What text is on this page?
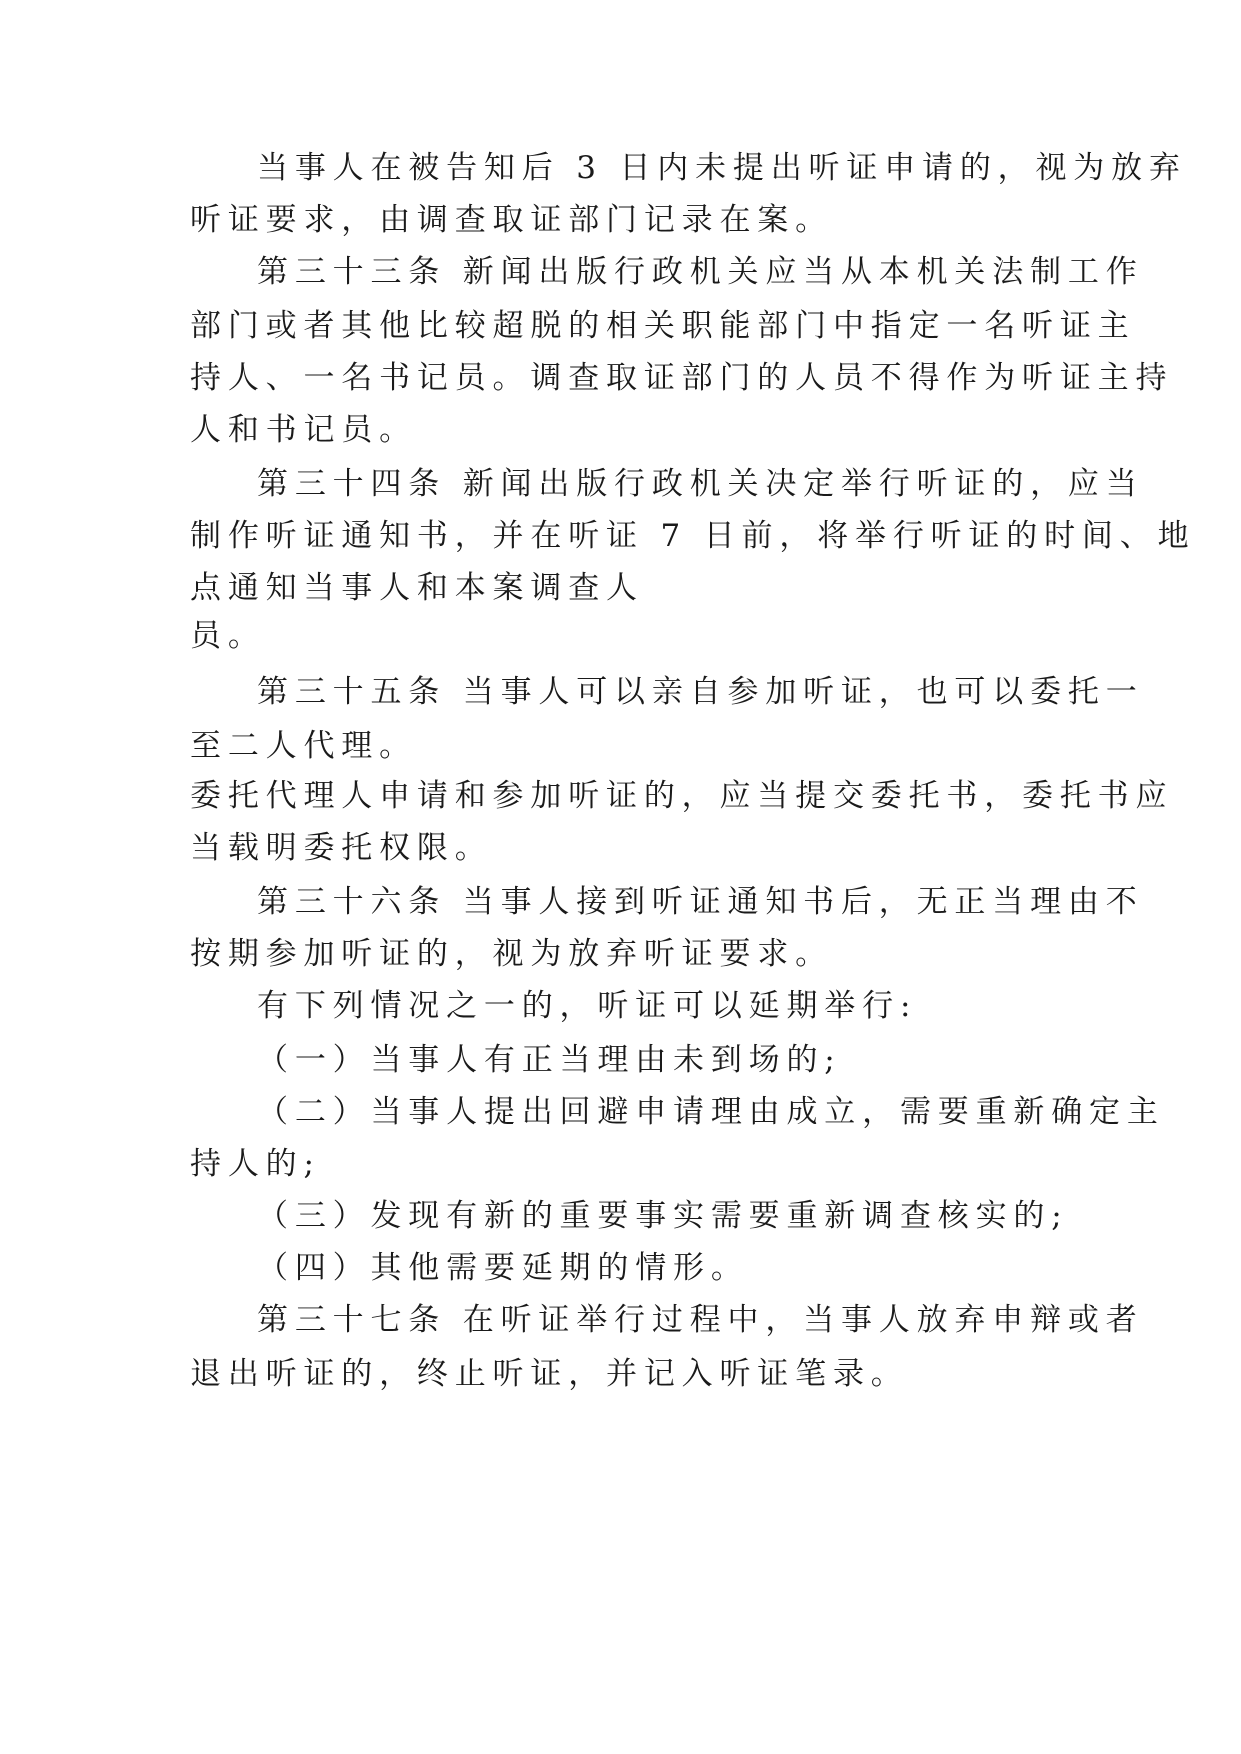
当事人在被告知后 3 日内未提出听证申请的，视为放弃
听证要求，由调查取证部门记录在案。
第三十三条 新闻出版行政机关应当从本机关法制工作
部门或者其他比较超脱的相关职能部门中指定一名听证主
持人、一名书记员。调查取证部门的人员不得作为听证主持
人和书记员。
第三十四条 新闻出版行政机关决定举行听证的，应当
制作听证通知书，并在听证 7 日前，将举行听证的时间、地
点通知当事人和本案调查人
员。
第三十五条 当事人可以亲自参加听证，也可以委托一
至二人代理。
委托代理人申请和参加听证的，应当提交委托书，委托书应
当载明委托权限。
第三十六条 当事人接到听证通知书后，无正当理由不
按期参加听证的，视为放弃听证要求。
有下列情况之一的，听证可以延期举行:
（一）当事人有正当理由未到场的;
（二）当事人提出回避申请理由成立，需要重新确定主
持人的;
（三）发现有新的重要事实需要重新调查核实的;
（四）其他需要延期的情形。
第三十七条 在听证举行过程中，当事人放弃申辩或者
退出听证的，终止听证，并记入听证笔录。
